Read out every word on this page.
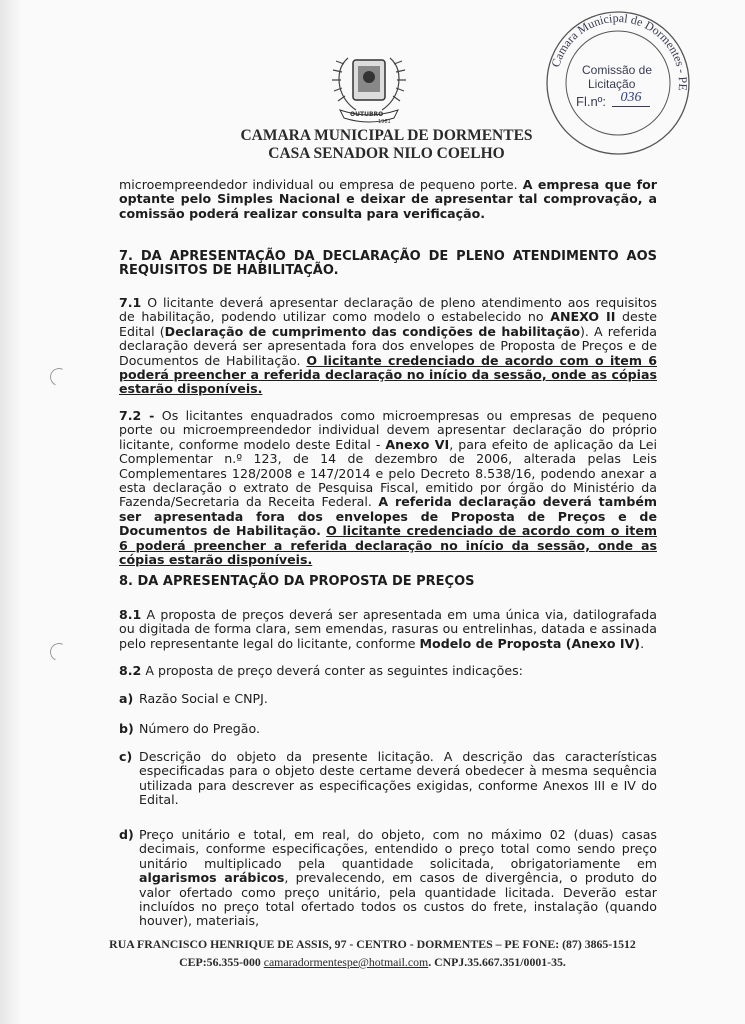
OUTUBRO
1961
CAMARA MUNICIPAL DE DORMENTES
CASA SENADOR NILO COELHO
Camara Municipal de Dormentes - PE
Comissão de
Licitação
Fl.nº:	036

microempreendedor individual ou empresa de pequeno porte. A empresa que for optante pelo Simples Nacional e deixar de apresentar tal comprovação, a comissão poderá realizar consulta para verificação.

7. DA APRESENTAÇÃO DA DECLARAÇÃO DE PLENO ATENDIMENTO AOS REQUISITOS DE HABILITAÇÃO.

7.1 O licitante deverá apresentar declaração de pleno atendimento aos requisitos de habilitação, podendo utilizar como modelo o estabelecido no ANEXO II deste Edital (Declaração de cumprimento das condições de habilitação). A referida declaração deverá ser apresentada fora dos envelopes de Proposta de Preços e de Documentos de Habilitação. O licitante credenciado de acordo com o item 6 poderá preencher a referida declaração no início da sessão, onde as cópias estarão disponíveis.

7.2 - Os licitantes enquadrados como microempresas ou empresas de pequeno porte ou microempreendedor individual devem apresentar declaração do próprio licitante, conforme modelo deste Edital - Anexo VI, para efeito de aplicação da Lei Complementar n.º 123, de 14 de dezembro de 2006, alterada pelas Leis Complementares 128/2008 e 147/2014 e pelo Decreto 8.538/16, podendo anexar a esta declaração o extrato de Pesquisa Fiscal, emitido por órgão do Ministério da Fazenda/Secretaria da Receita Federal. A referida declaração deverá também ser apresentada fora dos envelopes de Proposta de Preços e de Documentos de Habilitação. O licitante credenciado de acordo com o item 6 poderá preencher a referida declaração no início da sessão, onde as cópias estarão disponíveis.

8. DA APRESENTAÇÃO DA PROPOSTA DE PREÇOS

8.1 A proposta de preços deverá ser apresentada em uma única via, datilografada ou digitada de forma clara, sem emendas, rasuras ou entrelinhas, datada e assinada pelo representante legal do licitante, conforme Modelo de Proposta (Anexo IV).

8.2 A proposta de preço deverá conter as seguintes indicações:

a) Razão Social e CNPJ.
b) Número do Pregão.
c) Descrição do objeto da presente licitação. A descrição das características especificadas para o objeto deste certame deverá obedecer à mesma sequência utilizada para descrever as especificações exigidas, conforme Anexos III e IV do Edital.
d) Preço unitário e total, em real, do objeto, com no máximo 02 (duas) casas decimais, conforme especificações, entendido o preço total como sendo preço unitário multiplicado pela quantidade solicitada, obrigatoriamente em algarismos arábicos, prevalecendo, em casos de divergência, o produto do valor ofertado como preço unitário, pela quantidade licitada. Deverão estar incluídos no preço total ofertado todos os custos do frete, instalação (quando houver), materiais,
RUA FRANCISCO HENRIQUE DE ASSIS, 97 - CENTRO - DORMENTES – PE FONE: (87) 3865-1512
CEP:56.355-000 camaradormentespe@hotmail.com. CNPJ.35.667.351/0001-35.
